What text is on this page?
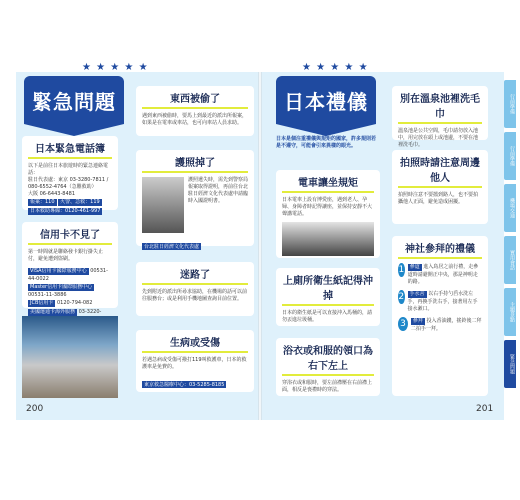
★ ★ ★ ★ ★
緊急問題
日本緊急電話簿
以下是前往日本旅遊時的緊急連絡電話：
駐日代表處：東京 03-3280-7811 / 080-6552-4764（急難救助）
大阪 06-6443-8481
報案：110 火警、急救：119 日本救助專線：0120-461-997
信用卡不見了
第一時間就是聯絡發卡銀行掛失止付，避免遭到盜刷。
VISA信用卡國際服務中心 00531-44-0022
Master信用卡國際服務中心 00531-11-3886
JCB信用卡 0120-794-082
美國運通卡海外服務 03-3220-
東西被偷了
遇到東西被偷時，要馬上到最近的派出所報案，如果是在電車或車站，也可向車站人員求助。
護照掉了
護照遺失時，需先到警察局報案取得證明，再前往台北駐日經濟文化代表處申請臨時入國證明書。
台北駐日經濟文化代表處
迷路了
先到附近的派出所尋求協助，在機場的話可以前往服務台；或是利用手機地圖查詢目前位置。
生病或受傷
若遇急病或受傷可撥打119叫救護車，日本的救護車是免費的。
東京救急醫療中心：03-5285-8185
★ ★ ★ ★ ★
日本禮儀
日本是個注重禮儀與規矩的國家，許多規則若是不遵守，可能會引來異樣的眼光。
電車讓坐規矩
日本電車上設有博愛座，遇到老人、孕婦、身障者時記得讓座，並保持安靜不大聲講電話。
上廁所衛生紙記得沖掉
日本的衛生紙是可以直接沖入馬桶的，請勿丟進垃圾桶。
浴衣或和服的領口為右下左上
穿浴衣或和服時，要左前襟壓在右前襟上面，相反是喪禮時的穿法。
別在溫泉池裡洗毛巾
溫泉池是公共空間，毛巾請勿放入池中，用完放在頭上或池邊，不要在池裡洗毛巾。
拍照時請注意周邊他人
拍照時注意不要擋到路人，也不要拍攝他人正面，避免造成困擾。
神社參拜的禮儀
1	參道 進入鳥居之前行禮，走參道時請避開正中央，那是神明走的路。
2	手水舍 以右手持勺舀水洗左手，再換手洗右手，接著用左手接水漱口。
3	參拜 投入香油錢，搖鈴後二拜二拍手一拜。
行前準備
行前準備
機場交通
實用會話
主題景點
緊急問題
200	201
